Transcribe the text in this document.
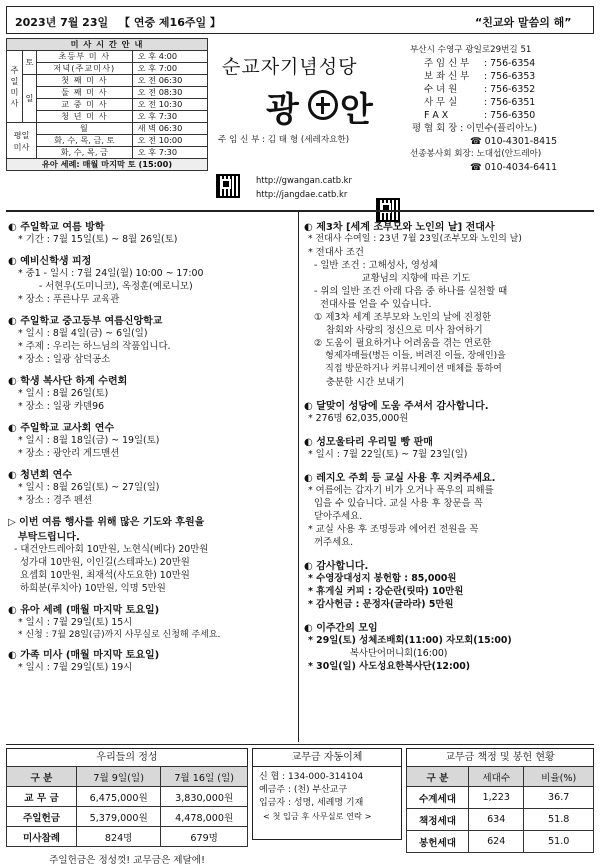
2023년 7월 23일 【 연중 제16주일 】	“친교와 말씀의 해”
미 사 시 간 안 내			
주
일
미
사	토	초등부 미 사	오 후 4:00
		저녁(주교미사)	오 후 7:00
	일	첫 째 미 사	오 전 06:30
		둘 째 미 사	오 전 08:30
		교 중 미 사	오 전 10:30
		청 년 미 사	오 후 7:30
평일
미사		월	새 벽 06:30
		화, 수, 목, 금, 토	오 전 10:00
		화, 수, 목, 금	오 후 7:30
유아 세례: 매월 마지막 토 (15:00)			
순교자기념성당
광 안
주 임 신 부 : 김 태 형 (세레자요한)
http://gwangan.catb.kr
http://jangdae.catb.kr
부산시 수영구 광일로29번길 51
주 임 신 부 : 756-6354
보 좌 신 부 : 756-6353
수 녀 원	: 756-6352
사 무 실	: 756-6351
F A X	: 756-6350
평 협 회 장 : 이민수(플리아노)
☎ 010-4301-8415
선종봉사회 회장: 노대섭(안드레아)
☎ 010-4034-6411
◐ 주일학교 여름 방학
* 기간 : 7월 15일(토) ~ 8월 26일(토)
◐ 예비신학생 피정
* 중1 - 일시 : 7월 24일(월) 10:00 ~ 17:00
- 서현우(도미니코), 옥정훈(예로니모)
* 장소 : 푸른나무 교육관
◐ 주일학교 중고등부 여름신앙학교
* 일시 : 8월 4일(금) ~ 6일(일)
* 주제 : 우리는 하느님의 작품입니다.
* 장소 : 일광 삼덕공소
◐ 학생 복사단 하계 수련회
* 일시 : 8월 26일(토)
* 장소 : 일광 카덴96
◐ 주일학교 교사회 연수
* 일시 : 8월 18일(금) ~ 19일(토)
* 장소 : 광안리 게드맨션
◐ 청년회 연수
* 일시 : 8월 26일(토) ~ 27일(일)
* 장소 : 경주 펜션
▷ 이번 여름 행사를 위해 많은 기도와 후원을
부탁드립니다.
- 대건안드레아회 10만원, 노현식(베다) 20만원
성가대 10만원, 이인길(스테파노) 20만원
요셉회 10만원, 최재석(사도요한) 10만원
하희분(루치아) 10만원, 익명 5만원
◐ 유아 세례 (매월 마지막 토요일)
* 일시 : 7월 29일(토) 15시
* 신청 : 7월 28일(금)까지 사무실로 신청해 주세요.
◐ 가족 미사 (매월 마지막 토요일)
* 일시 : 7월 29일(토) 19시
◐ 제3차 [세계 조부모와 노인의 날] 전대사
* 전대사 수여일 : 23년 7월 23일(조부모와 노인의 날)
* 전대사 조건
- 일반 조건 : 고해성사, 영성체
교황님의 지향에 따른 기도
- 위의 일반 조건 아래 다음 중 하나를 실천할 때
전대사를 얻을 수 있습니다.
① 제3차 세계 조부모와 노인의 날에 진정한
참회와 사랑의 정신으로 미사 참여하기
② 도움이 필요하거나 어려움을 겪는 연로한
형제자매들(병든 이들, 버려진 이들, 장애인)을
직접 방문하거나 커뮤니케이션 매체를 통하여
충분한 시간 보내기
◐ 달맞이 성당에 도움 주셔서 감사합니다.
* 276명 62,035,000원
◐ 성모울타리 우리밀 빵 판매
* 일시 : 7월 22일(토) ~ 7월 23일(일)
◐ 레지오 주회 등 교실 사용 후 지켜주세요.
* 여름에는 갑자기 비가 오거나 폭우의 피해를
입을 수 있습니다. 교실 사용 후 창문을 꼭
닫아주세요.
* 교실 사용 후 조명등과 에어컨 전원을 꼭
꺼주세요.
◐ 감사합니다.
* 수영장대성지 봉헌함 : 85,000원
* 휴게실 커피 : 강순란(릿따) 10만원
* 감사헌금 : 문정자(글라라) 5만원
◐ 이주간의 모임
* 29일(토) 성체조배회(11:00) 자모회(15:00)
복사단어머니회(16:00)
* 30일(일) 사도성요한복사단(12:00)
우리들의 정성
구 분	7월 9일(일)	7월 16일 (일)
교 무 금	6,475,000원	3,830,000원
주일헌금	5,379,000원	4,478,000원
미사참례	824명	679명
주일헌금은 정성껏! 교무금은 제달에!
교무금 자동이체
신 협 : 134-000-314104
예금주 : (천) 부산교구
입금자 : 성명, 세례명 기재
< 첫 입금 후 사무실로 연락 >
교무금 책정 및 봉헌 현황
구 분	세대수	비율(%)
수계세대	1,223	36.7
책정세대	634	51.8
봉헌세대	624	51.0
